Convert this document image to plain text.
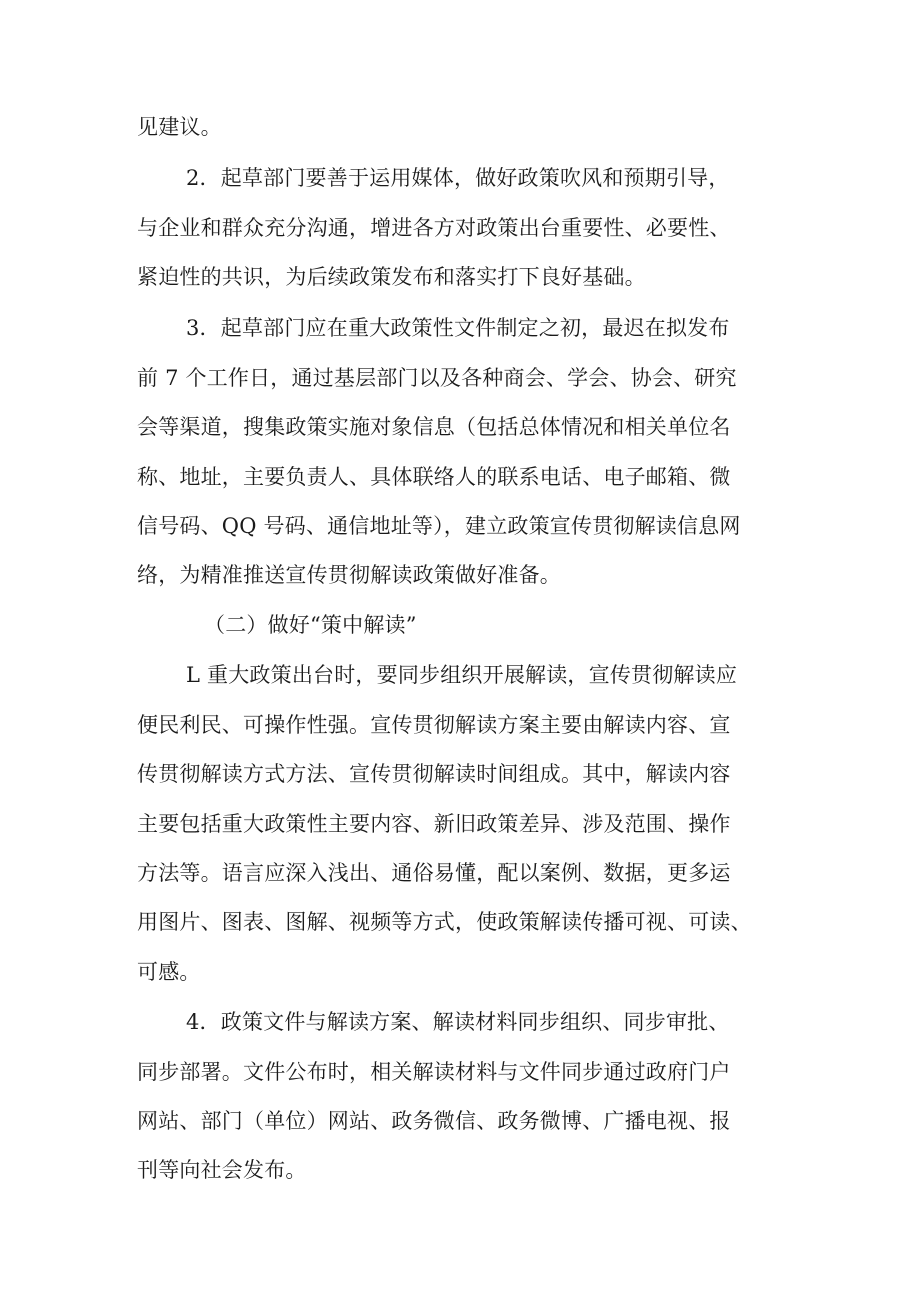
见建议。
2．起草部门要善于运用媒体，做好政策吹风和预期引导，
与企业和群众充分沟通，增进各方对政策出台重要性、必要性、
紧迫性的共识，为后续政策发布和落实打下良好基础。
3．起草部门应在重大政策性文件制定之初，最迟在拟发布
前 7 个工作日，通过基层部门以及各种商会、学会、协会、研究
会等渠道，搜集政策实施对象信息（包括总体情况和相关单位名
称、地址，主要负责人、具体联络人的联系电话、电子邮箱、微
信号码、QQ 号码、通信地址等），建立政策宣传贯彻解读信息网
络，为精准推送宣传贯彻解读政策做好准备。
（二）做好“策中解读”
L 重大政策出台时，要同步组织开展解读，宣传贯彻解读应
便民利民、可操作性强。宣传贯彻解读方案主要由解读内容、宣
传贯彻解读方式方法、宣传贯彻解读时间组成。其中，解读内容
主要包括重大政策性主要内容、新旧政策差异、涉及范围、操作
方法等。语言应深入浅出、通俗易懂，配以案例、数据，更多运
用图片、图表、图解、视频等方式，使政策解读传播可视、可读、
可感。
4．政策文件与解读方案、解读材料同步组织、同步审批、
同步部署。文件公布时，相关解读材料与文件同步通过政府门户
网站、部门（单位）网站、政务微信、政务微博、广播电视、报
刊等向社会发布。
